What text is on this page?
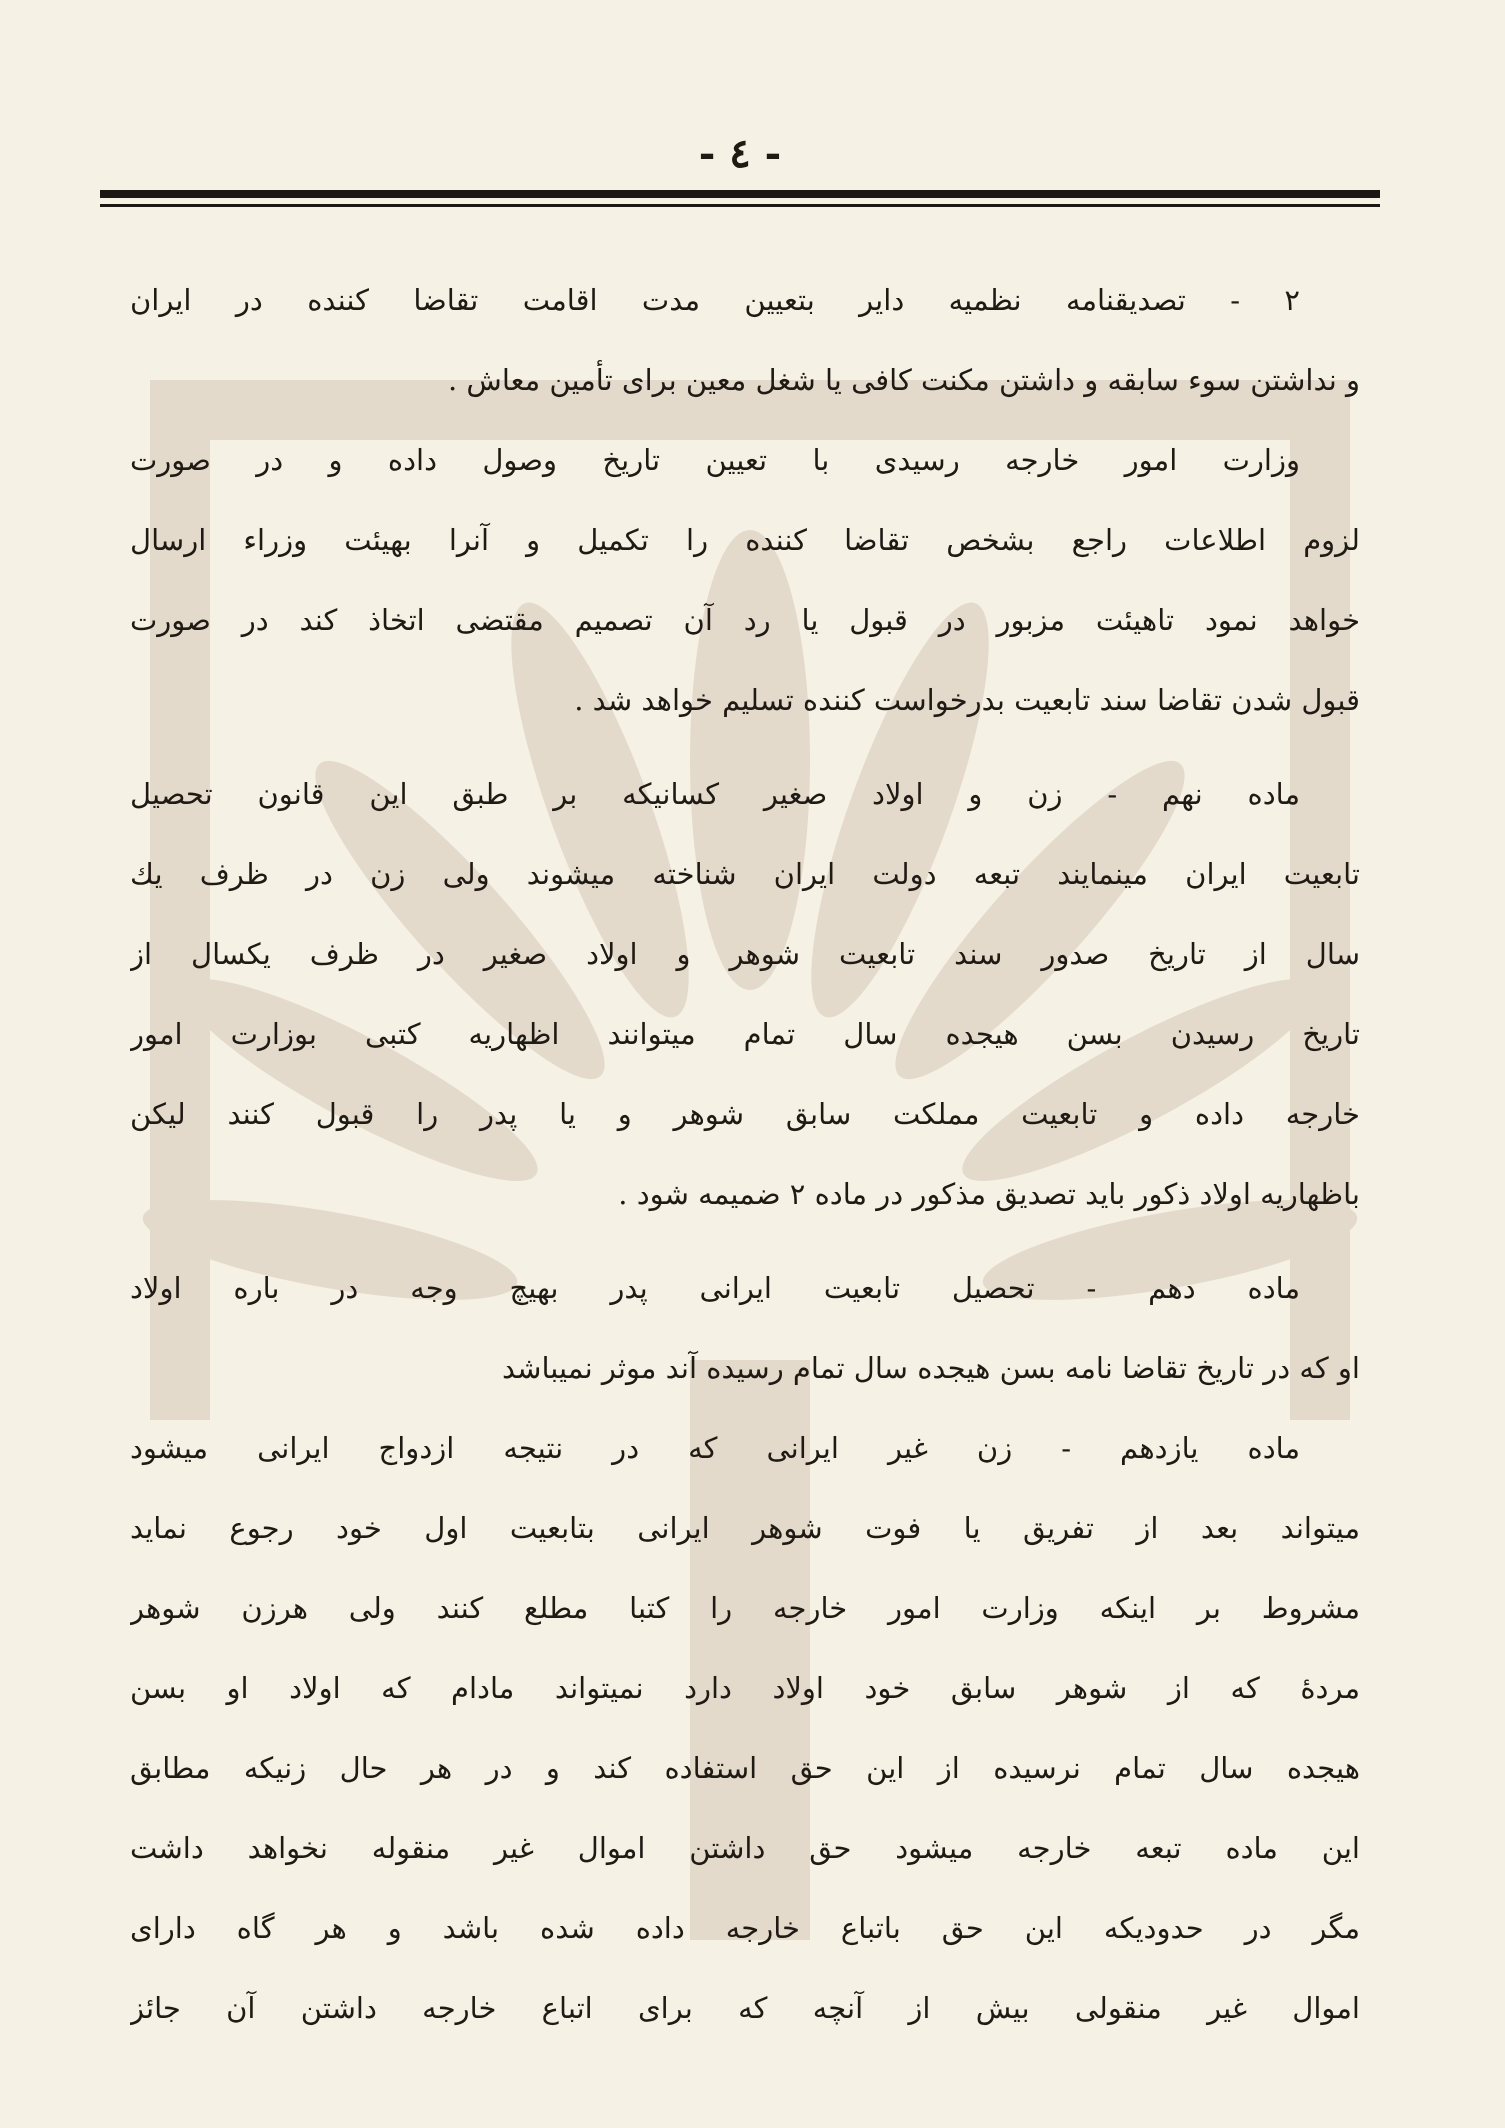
- ٤ -
۲ - تصدیقنامه نظمیه دایر بتعیین مدت اقامت تقاضا کننده در ایران
و نداشتن سوء سابقه و داشتن مکنت کافی یا شغل معین برای تأمین معاش .
وزارت امور خارجه رسیدی با تعیین تاریخ وصول داده و در صورت
لزوم اطلاعات راجع بشخص تقاضا کننده را تکمیل و آنرا بهیئت وزراء ارسال
خواهد نمود تاهیئت مزبور در قبول یا رد آن تصمیم مقتضی اتخاذ کند در صورت
قبول شدن تقاضا سند تابعیت بدرخواست کننده تسلیم خواهد شد .
ماده نهم - زن و اولاد صغیر کسانیکه بر طبق این قانون تحصیل
تابعیت ایران مینمایند تبعه دولت ایران شناخته میشوند ولی زن در ظرف یك
سال از تاریخ صدور سند تابعیت شوهر و اولاد صغیر در ظرف یکسال از
تاریخ رسیدن بسن هیجده سال تمام میتوانند اظهاریه کتبی بوزارت امور
خارجه داده و تابعیت مملکت سابق شوهر و یا پدر را قبول کنند لیکن
باظهاریه اولاد ذکور باید تصدیق مذکور در ماده ۲ ضمیمه شود .
ماده دهم - تحصیل تابعیت ایرانی پدر بهیچ وجه در باره اولاد
او که در تاریخ تقاضا نامه بسن هیجده سال تمام رسیده آند موثر نمیباشد
ماده یازدهم - زن غیر ایرانی که در نتیجه ازدواج ایرانی میشود
میتواند بعد از تفریق یا فوت شوهر ایرانی بتابعیت اول خود رجوع نماید
مشروط بر اینکه وزارت امور خارجه را کتبا مطلع کنند ولی هرزن شوهر
مردهٔ که از شوهر سابق خود اولاد دارد نمیتواند مادام که اولاد او بسن
هیجده سال تمام نرسیده از این حق استفاده کند و در هر حال زنیکه مطابق
این ماده تبعه خارجه میشود حق داشتن اموال غیر منقوله نخواهد داشت
مگر در حدودیکه این حق باتباع خارجه داده شده باشد و هر گاه دارای
اموال غیر منقولی بیش از آنچه که برای اتباع خارجه داشتن آن جائز
